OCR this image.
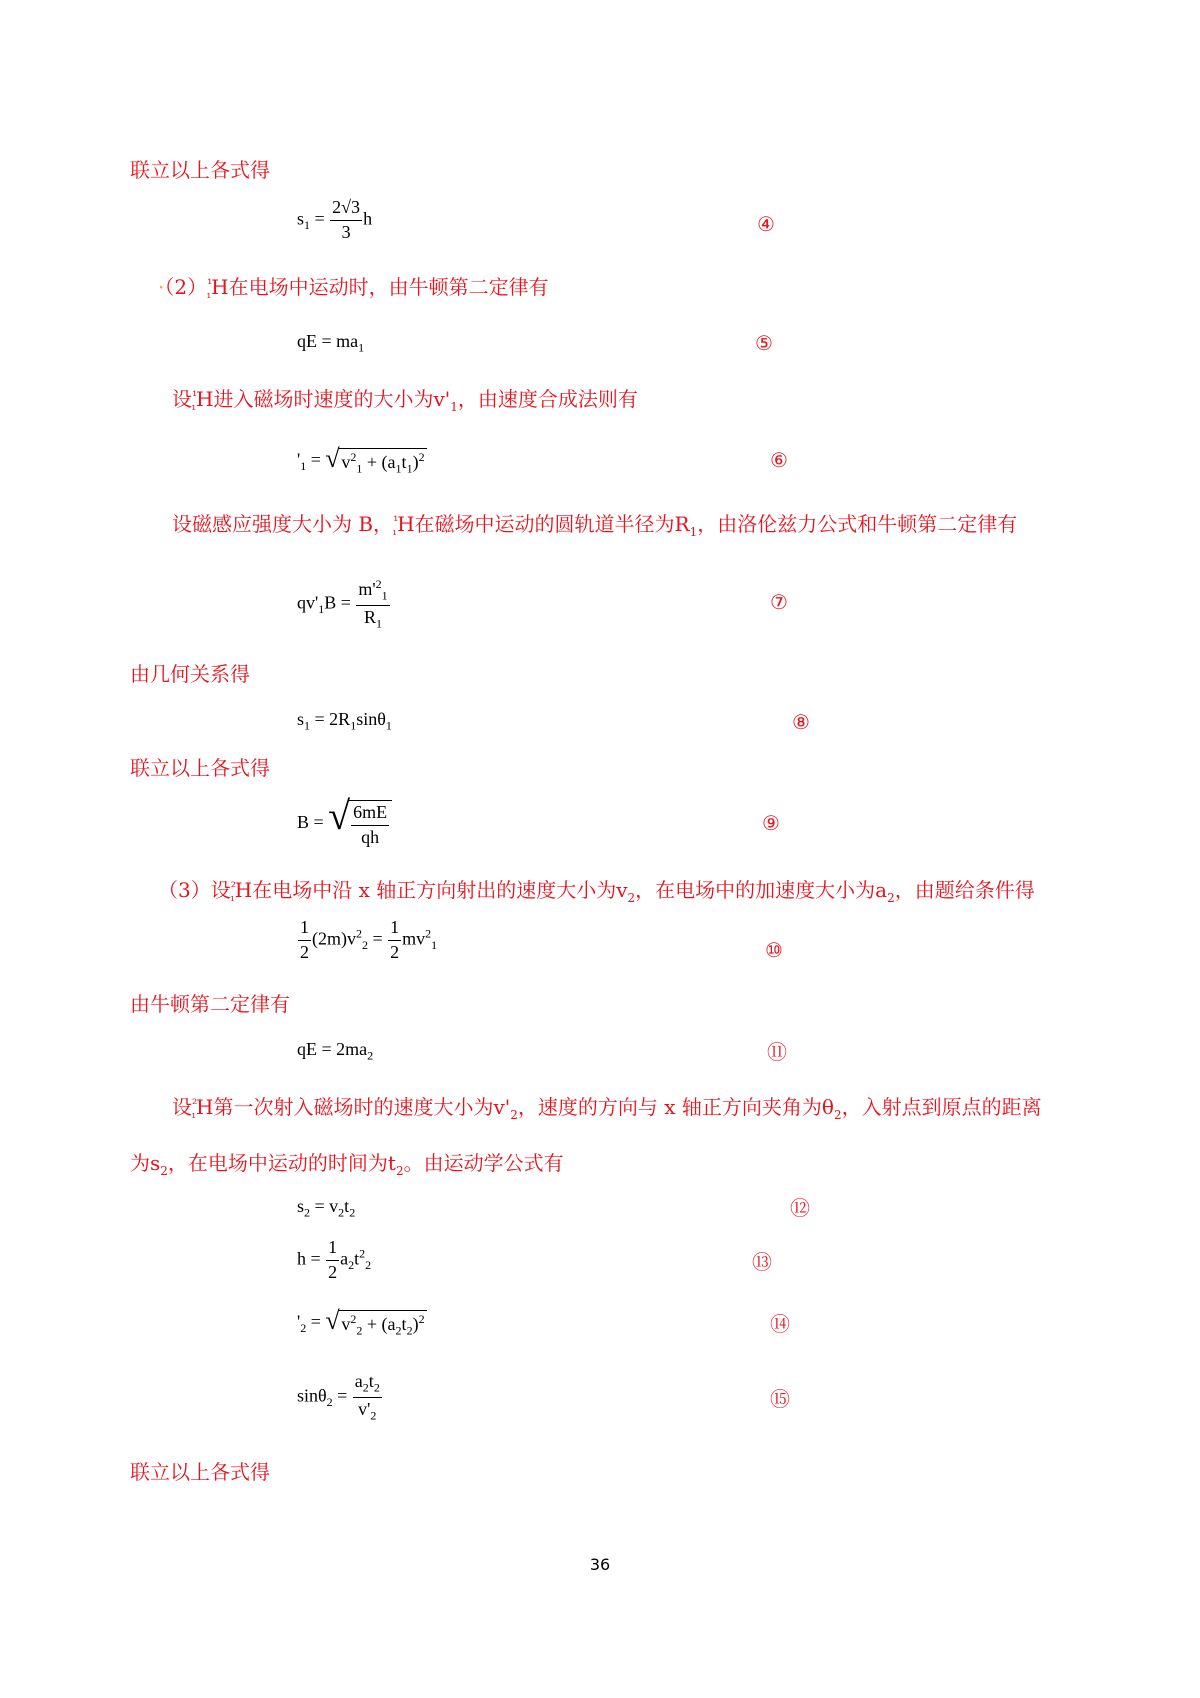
联立以上各式得
$s_1 = \frac{2√3}{3}$ h	④
$\cdot(2)^{^1}_{_1}H$在电场中运动时，由牛顿第二定律有
qE = $ma_1$	⑤
设$^{^1}_{_1}$H进入磁场时速度的大小为$v'_1$，由速度合成法则有
'$_1$ = √ $v^2_1 + (a_1t_1)^2$	⑥
设磁感应强度大小为 B，$^{^1}_{_1}$H在磁场中运动的圆轨道半径为$R_1$，由洛伦兹力公式和牛顿第二定律有
$qv'_1B = \frac{m'^2_1}{R_1}$	⑦
由几何关系得
$s_1 = 2R_1\sin\theta_1$	⑧
联立以上各式得
B = √ $\frac{6mE}{qh}$	⑨
（3）设$^{^2}_{_1}$H在电场中沿 x 轴正方向射出的速度大小为$v_2$，在电场中的加速度大小为$a_2$，由题给条件得
$\frac{1}{2} (2m)v^2_2 = \frac{1}{2} mv^2_1$	⑩
由牛顿第二定律有
qE = $2ma_2$	⑪
设$^{^2}_{_1}$H第一次射入磁场时的速度大小为$v'_2$，速度的方向与 x 轴正方向夹角为$\theta_2$，入射点到原点的距离
为$s_2$，在电场中运动的时间为$t_2$。由运动学公式有
$s_2 = v_2t_2$	⑫
$h = \frac{1}{2} a_2t^2_2$	⑬
'$_2$ = √ $v^2_2 + (a_2t_2)^2$	⑭
$\sin\theta_2 = \frac{a_2t_2}{v'_2}$	⑮
联立以上各式得
36
